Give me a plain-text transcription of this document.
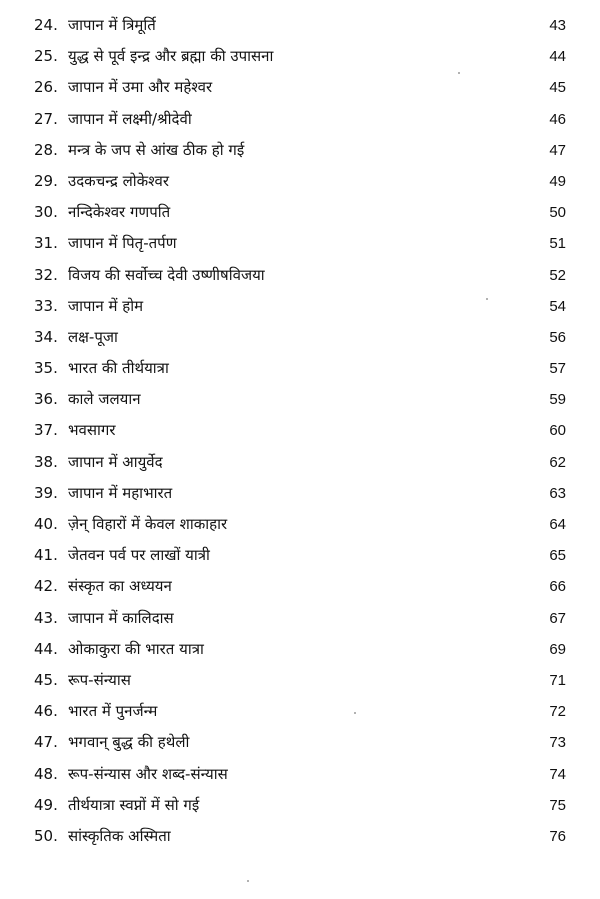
24. जापान में त्रिमूर्ति	43
25. युद्ध से पूर्व इन्द्र और ब्रह्मा की उपासना	44
26. जापान में उमा और महेश्वर	45
27. जापान में लक्ष्मी/श्रीदेवी	46
28. मन्त्र के जप से आंख ठीक हो गई	47
29. उदकचन्द्र लोकेश्वर	49
30. नन्दिकेश्वर गणपति	50
31. जापान में पितृ-तर्पण	51
32. विजय की सर्वोच्च देवी उष्णीषविजया	52
33. जापान में होम	54
34. लक्ष-पूजा	56
35. भारत की तीर्थयात्रा	57
36. काले जलयान	59
37. भवसागर	60
38. जापान में आयुर्वेद	62
39. जापान में महाभारत	63
40. ज़ेन् विहारों में केवल शाकाहार	64
41. जेतवन पर्व पर लाखों यात्री	65
42. संस्कृत का अध्ययन	66
43. जापान में कालिदास	67
44. ओकाकुरा की भारत यात्रा	69
45. रूप-संन्यास	71
46. भारत में पुनर्जन्म	72
47. भगवान् बुद्ध की हथेली	73
48. रूप-संन्यास और शब्द-संन्यास	74
49. तीर्थयात्रा स्वप्नों में सो गई	75
50. सांस्कृतिक अस्मिता	76
